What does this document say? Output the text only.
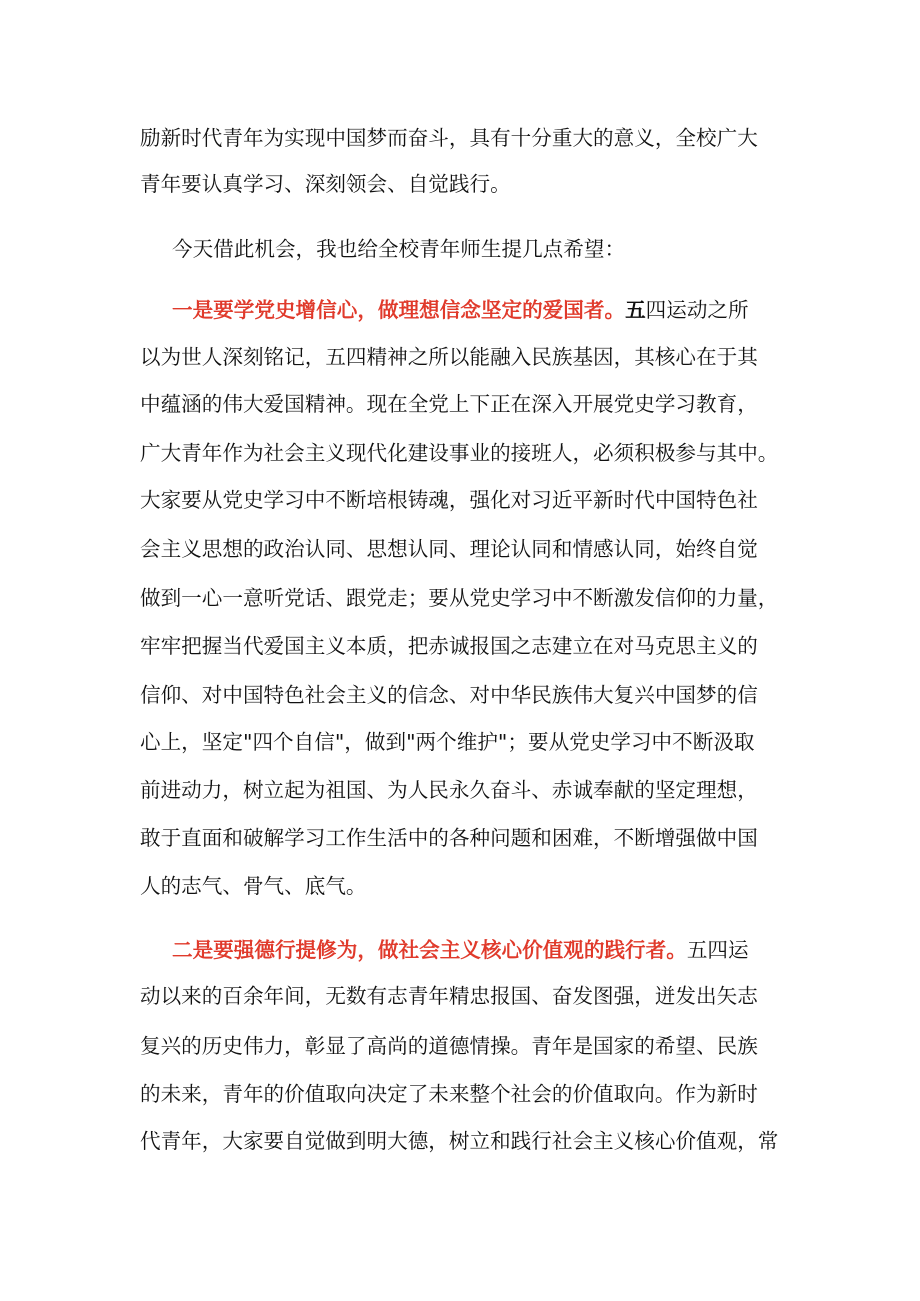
励新时代青年为实现中国梦而奋斗，具有十分重大的意义，全校广大
青年要认真学习、深刻领会、自觉践行。
今天借此机会，我也给全校青年师生提几点希望：
一是要学党史增信心，做理想信念坚定的爱国者。五四运动之所
以为世人深刻铭记，五四精神之所以能融入民族基因，其核心在于其
中蕴涵的伟大爱国精神。现在全党上下正在深入开展党史学习教育，
广大青年作为社会主义现代化建设事业的接班人，必须积极参与其中。
大家要从党史学习中不断培根铸魂，强化对习近平新时代中国特色社
会主义思想的政治认同、思想认同、理论认同和情感认同，始终自觉
做到一心一意听党话、跟党走；要从党史学习中不断激发信仰的力量，
牢牢把握当代爱国主义本质，把赤诚报国之志建立在对马克思主义的
信仰、对中国特色社会主义的信念、对中华民族伟大复兴中国梦的信
心上，坚定"四个自信"，做到"两个维护"；要从党史学习中不断汲取
前进动力，树立起为祖国、为人民永久奋斗、赤诚奉献的坚定理想，
敢于直面和破解学习工作生活中的各种问题和困难，不断增强做中国
人的志气、骨气、底气。
二是要强德行提修为，做社会主义核心价值观的践行者。五四运
动以来的百余年间，无数有志青年精忠报国、奋发图强，迸发出矢志
复兴的历史伟力，彰显了高尚的道德情操。青年是国家的希望、民族
的未来，青年的价值取向决定了未来整个社会的价值取向。作为新时
代青年，大家要自觉做到明大德，树立和践行社会主义核心价值观，常
